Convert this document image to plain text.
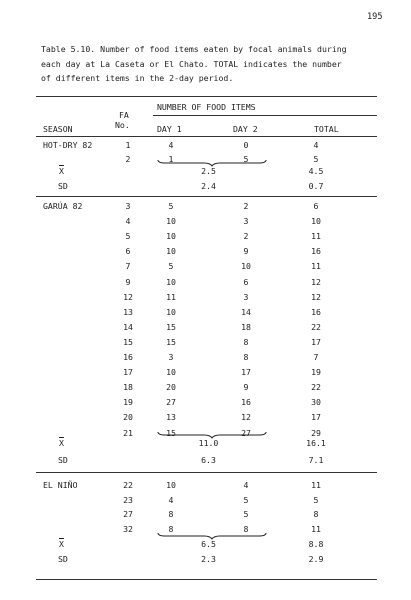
195
Table 5.10. Number of food items eaten by focal animals during
each day at La Caseta or El Chato. TOTAL indicates the number
of different items in the 2-day period.
NUMBER OF FOOD ITEMS
FA
No.
SEASON	DAY 1	DAY 2	TOTAL
HOT-DRY 82	1	4	0	4
2	1	5	5
$\overline{X}$	2.5	4.5
SD	2.4	0.7
GARÚA 82	3	5	2	6
4	10	3	10
5	10	2	11
6	10	9	16
7	5	10	11
9	10	6	12
12	11	3	12
13	10	14	16
14	15	18	22
15	15	8	17
16	3	8	7
17	10	17	19
18	20	9	22
19	27	16	30
20	13	12	17
21	15	27	29
$\overline{X}$	11.0	16.1
SD	6.3	7.1
EL NIÑO	22	10	4	11
23	4	5	5
27	8	5	8
32	8	8	11
$\overline{X}$	6.5	8.8
SD	2.3	2.9
